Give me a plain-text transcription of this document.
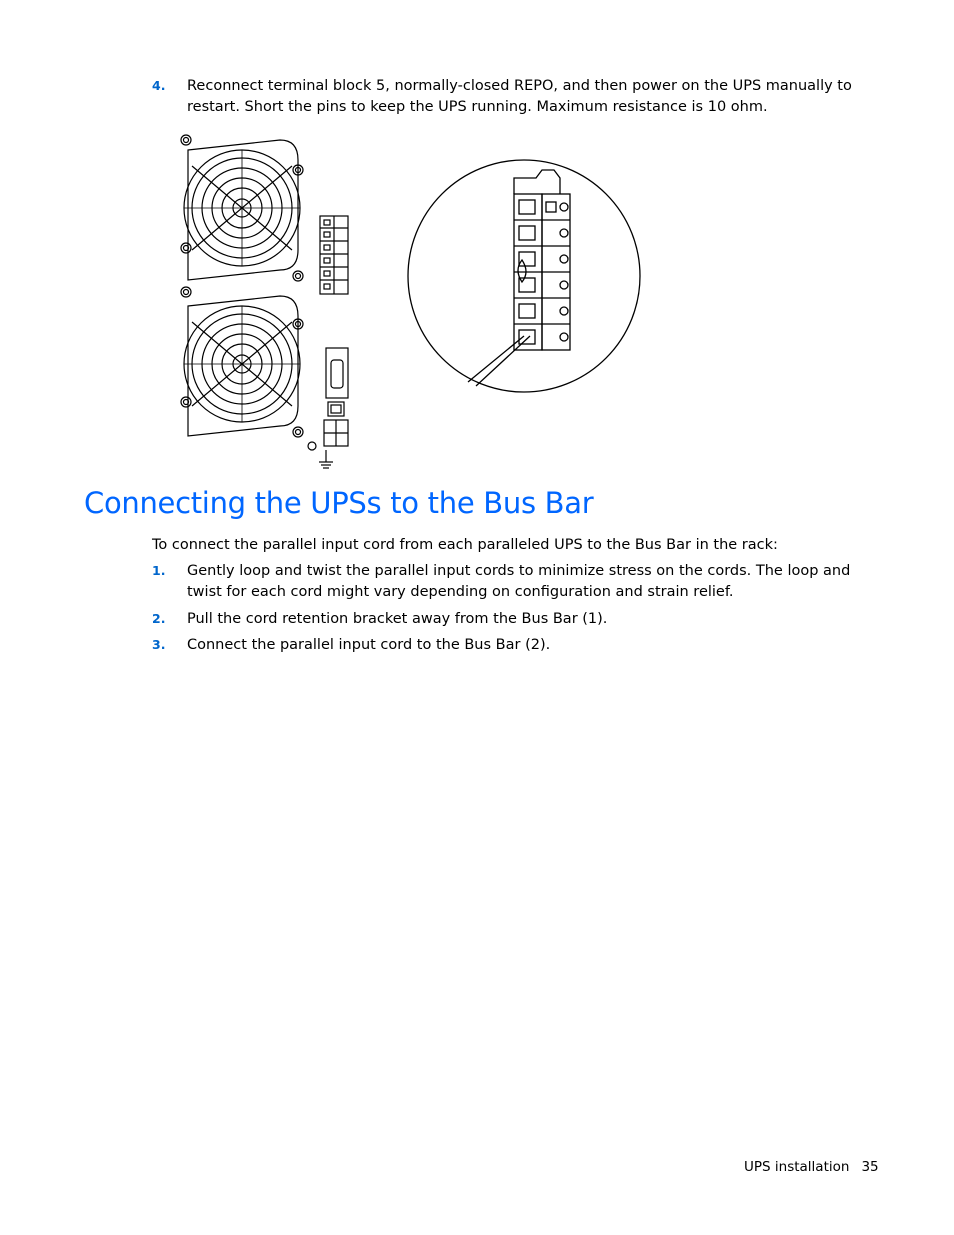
4. Reconnect terminal block 5, normally-closed REPO, and then power on the UPS manually to restart. Short the pins to keep the UPS running. Maximum resistance is 10 ohm.
Connecting the UPSs to the Bus Bar
To connect the parallel input cord from each paralleled UPS to the Bus Bar in the rack:
1. Gently loop and twist the parallel input cords to minimize stress on the cords. The loop and twist for each cord might vary depending on configuration and strain relief.
2. Pull the cord retention bracket away from the Bus Bar (1).
3. Connect the parallel input cord to the Bus Bar (2).
UPS installation 35
